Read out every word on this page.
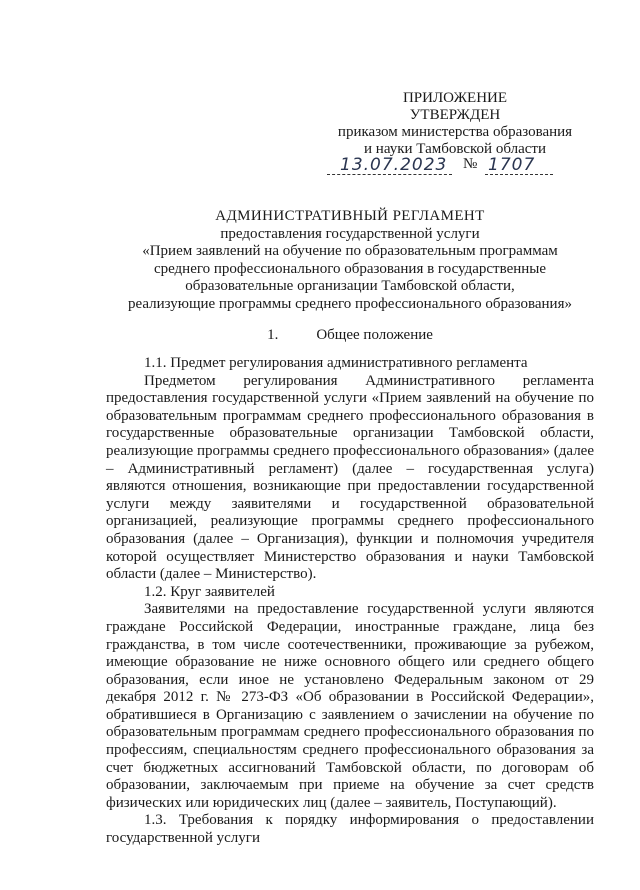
ПРИЛОЖЕНИЕ
УТВЕРЖДЕН
приказом министерства образования
и науки Тамбовской области
13.07.2023 № 1707
АДМИНИСТРАТИВНЫЙ РЕГЛАМЕНТ
предоставления государственной услуги
«Прием заявлений на обучение по образовательным программам
среднего профессионального образования в государственные
образовательные организации Тамбовской области,
реализующие программы среднего профессионального образования»
1.	Общее положение

1.1. Предмет регулирования административного регламента

Предметом регулирования Административного регламента предоставления государственной услуги «Прием заявлений на обучение по образовательным программам среднего профессионального образования в государственные образовательные организации Тамбовской области, реализующие программы среднего профессионального образования» (далее – Административный регламент) (далее – государственная услуга) являются отношения, возникающие при предоставлении государственной услуги между заявителями и государственной образовательной организацией, реализующие программы среднего профессионального образования (далее – Организация), функции и полномочия учредителя которой осуществляет Министерство образования и науки Тамбовской области (далее – Министерство).

1.2. Круг заявителей

Заявителями на предоставление государственной услуги являются граждане Российской Федерации, иностранные граждане, лица без гражданства, в том числе соотечественники, проживающие за рубежом, имеющие образование не ниже основного общего или среднего общего образования, если иное не установлено Федеральным законом от 29 декабря 2012 г. № 273-ФЗ «Об образовании в Российской Федерации», обратившиеся в Организацию с заявлением о зачислении на обучение по образовательным программам среднего профессионального образования по профессиям, специальностям среднего профессионального образования за счет бюджетных ассигнований Тамбовской области, по договорам об образовании, заключаемым при приеме на обучение за счет средств физических или юридических лиц (далее – заявитель, Поступающий).

1.3. Требования к порядку информирования о предоставлении государственной услуги
